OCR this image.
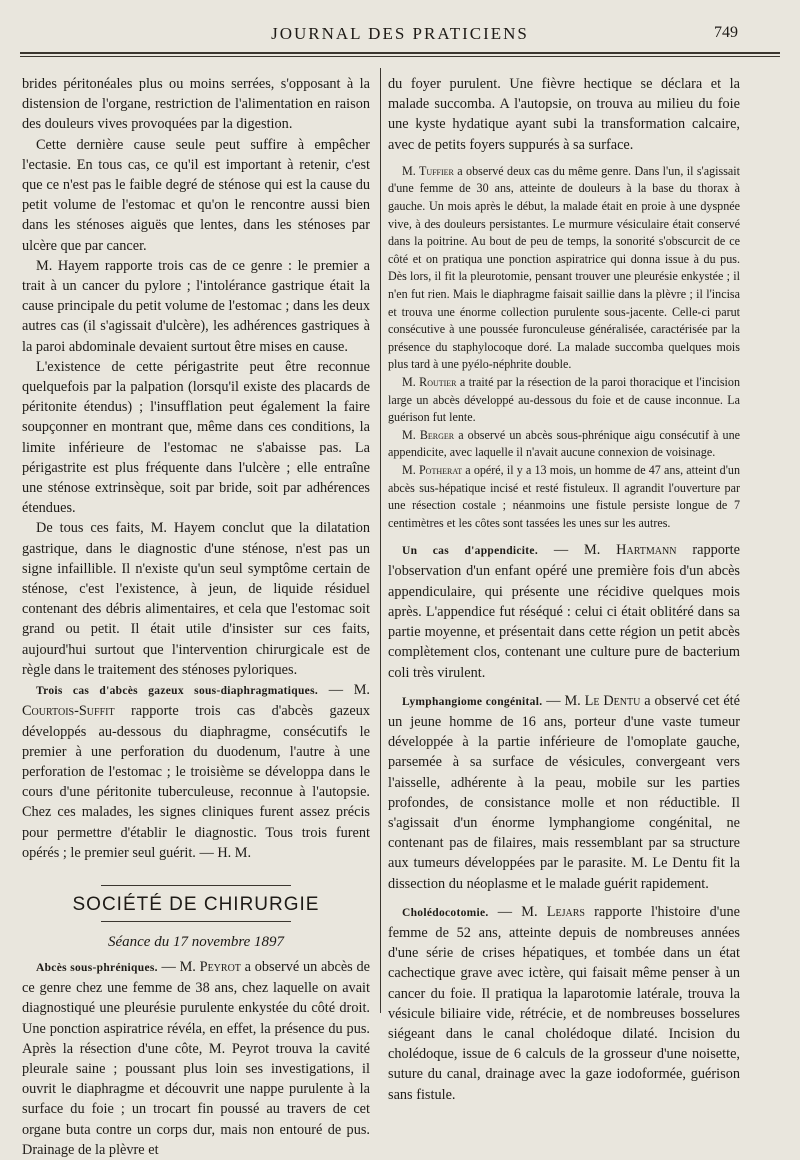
JOURNAL DES PRATICIENS	749

brides péritonéales plus ou moins serrées, s'opposant à la distension de l'organe, restriction de l'alimentation en raison des douleurs vives provoquées par la digestion.

Cette dernière cause seule peut suffire à empêcher l'ectasie. En tous cas, ce qu'il est important à retenir, c'est que ce n'est pas le faible degré de sténose qui est la cause du petit volume de l'estomac et qu'on le rencontre aussi bien dans les sténoses aiguës que lentes, dans les sténoses par ulcère que par cancer.

M. Hayem rapporte trois cas de ce genre : le premier a trait à un cancer du pylore ; l'intolérance gastrique était la cause principale du petit volume de l'estomac ; dans les deux autres cas (il s'agissait d'ulcère), les adhérences gastriques à la paroi abdominale devaient surtout être mises en cause.

L'existence de cette périgastrite peut être reconnue quelquefois par la palpation (lorsqu'il existe des placards de péritonite étendus) ; l'insufflation peut également la faire soupçonner en montrant que, même dans ces conditions, la limite inférieure de l'estomac ne s'abaisse pas. La périgastrite est plus fréquente dans l'ulcère ; elle entraîne une sténose extrinsèque, soit par bride, soit par adhérences étendues.

De tous ces faits, M. Hayem conclut que la dilatation gastrique, dans le diagnostic d'une sténose, n'est pas un signe infaillible. Il n'existe qu'un seul symptôme certain de sténose, c'est l'existence, à jeun, de liquide résiduel contenant des débris alimentaires, et cela que l'estomac soit grand ou petit. Il était utile d'insister sur ces faits, aujourd'hui surtout que l'intervention chirurgicale est de règle dans le traitement des sténoses pyloriques.

Trois cas d'abcès gazeux sous-diaphragmatiques. — M. Courtois-Suffit rapporte trois cas d'abcès gazeux développés au-dessous du diaphragme, consécutifs le premier à une perforation du duodenum, l'autre à une perforation de l'estomac ; le troisième se développa dans le cours d'une péritonite tuberculeuse, reconnue à l'autopsie. Chez ces malades, les signes cliniques furent assez précis pour permettre d'établir le diagnostic. Tous trois furent opérés ; le premier seul guérit. — H. M.

SOCIÉTÉ DE CHIRURGIE
Séance du 17 novembre 1897

Abcès sous-phréniques. — M. Peyrot a observé un abcès de ce genre chez une femme de 38 ans, chez laquelle on avait diagnostiqué une pleurésie purulente enkystée du côté droit. Une ponction aspiratrice révéla, en effet, la présence du pus. Après la résection d'une côte, M. Peyrot trouva la cavité pleurale saine ; poussant plus loin ses investigations, il ouvrit le diaphragme et découvrit une nappe purulente à la surface du foie ; un trocart fin poussé au travers de cet organe buta contre un corps dur, mais non entouré de pus. Drainage de la plèvre et

du foyer purulent. Une fièvre hectique se déclara et la malade succomba. A l'autopsie, on trouva au milieu du foie une kyste hydatique ayant subi la transformation calcaire, avec de petits foyers suppurés à sa surface.

M. Tuffier a observé deux cas du même genre. Dans l'un, il s'agissait d'une femme de 30 ans, atteinte de douleurs à la base du thorax à gauche. Un mois après le début, la malade était en proie à une dyspnée vive, à des douleurs persistantes. Le murmure vésiculaire était conservé dans la poitrine. Au bout de peu de temps, la sonorité s'obscurcit de ce côté et on pratiqua une ponction aspiratrice qui donna issue à du pus. Dès lors, il fit la pleurotomie, pensant trouver une pleurésie enkystée ; il n'en fut rien. Mais le diaphragme faisait saillie dans la plèvre ; il l'incisa et trouva une énorme collection purulente sous-jacente. Celle-ci parut consécutive à une poussée furonculeuse généralisée, caractérisée par la présence du staphylocoque doré. La malade succomba quelques mois plus tard à une pyélo-néphrite double.

M. Routier a traité par la résection de la paroi thoracique et l'incision large un abcès développé au-dessous du foie et de cause inconnue. La guérison fut lente.

M. Berger a observé un abcès sous-phrénique aigu consécutif à une appendicite, avec laquelle il n'avait aucune connexion de voisinage.

M. Potherat a opéré, il y a 13 mois, un homme de 47 ans, atteint d'un abcès sus-hépatique incisé et resté fistuleux. Il agrandit l'ouverture par une résection costale ; néanmoins une fistule persiste longue de 7 centimètres et les côtes sont tassées les unes sur les autres.

Un cas d'appendicite. — M. Hartmann rapporte l'observation d'un enfant opéré une première fois d'un abcès appendiculaire, qui présente une récidive quelques mois après. L'appendice fut réséqué : celui ci était oblitéré dans sa partie moyenne, et présentait dans cette région un petit abcès complètement clos, contenant une culture pure de bacterium coli très virulent.

Lymphangiome congénital. — M. Le Dentu a observé cet été un jeune homme de 16 ans, porteur d'une vaste tumeur développée à la partie inférieure de l'omoplate gauche, parsemée à sa surface de vésicules, convergeant vers l'aisselle, adhérente à la peau, mobile sur les parties profondes, de consistance molle et non réductible. Il s'agissait d'un énorme lymphangiome congénital, ne contenant pas de filaires, mais ressemblant par sa structure aux tumeurs développées par le parasite. M. Le Dentu fit la dissection du néoplasme et le malade guérit rapidement.

Cholédocotomie. — M. Lejars rapporte l'histoire d'une femme de 52 ans, atteinte depuis de nombreuses années d'une série de crises hépatiques, et tombée dans un état cachectique grave avec ictère, qui faisait même penser à un cancer du foie. Il pratiqua la laparotomie latérale, trouva la vésicule biliaire vide, rétrécie, et de nombreuses bosselures siégeant dans le canal cholédoque dilaté. Incision du cholédoque, issue de 6 calculs de la grosseur d'une noisette, suture du canal, drainage avec la gaze iodoformée, guérison sans fistule.
